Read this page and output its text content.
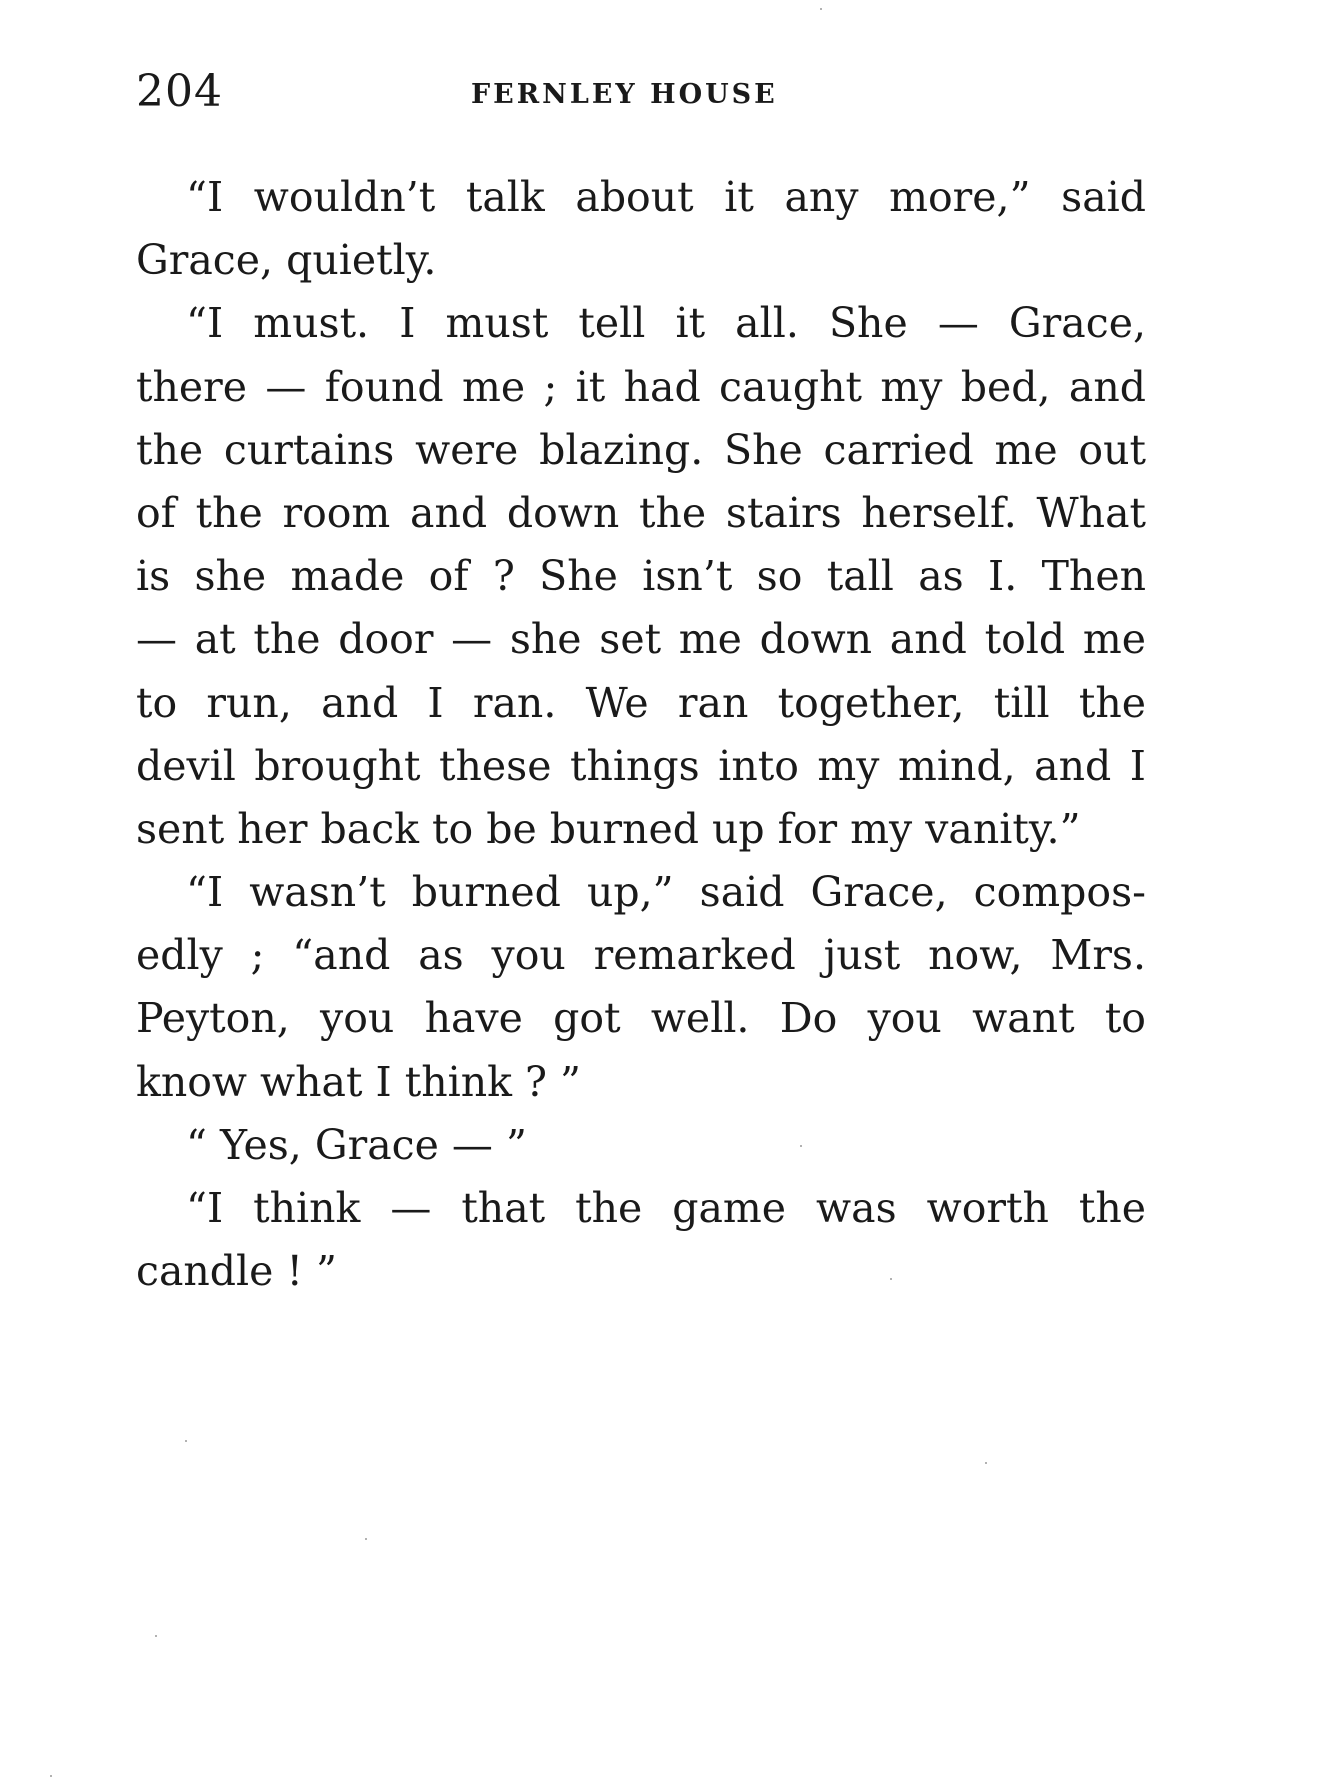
204	FERNLEY HOUSE
“I wouldn’t talk about it any more,” said
Grace, quietly.
“I must. I must tell it all. She — Grace,
there — found me ; it had caught my bed, and
the curtains were blazing. She carried me out
of the room and down the stairs herself. What
is she made of ? She isn’t so tall as I. Then
— at the door — she set me down and told me
to run, and I ran. We ran together, till the
devil brought these things into my mind, and I
sent her back to be burned up for my vanity.”
“I wasn’t burned up,” said Grace, compos-
edly ; “and as you remarked just now, Mrs.
Peyton, you have got well. Do you want to
know what I think ? ”
“ Yes, Grace — ”
“I think — that the game was worth the
candle ! ”
